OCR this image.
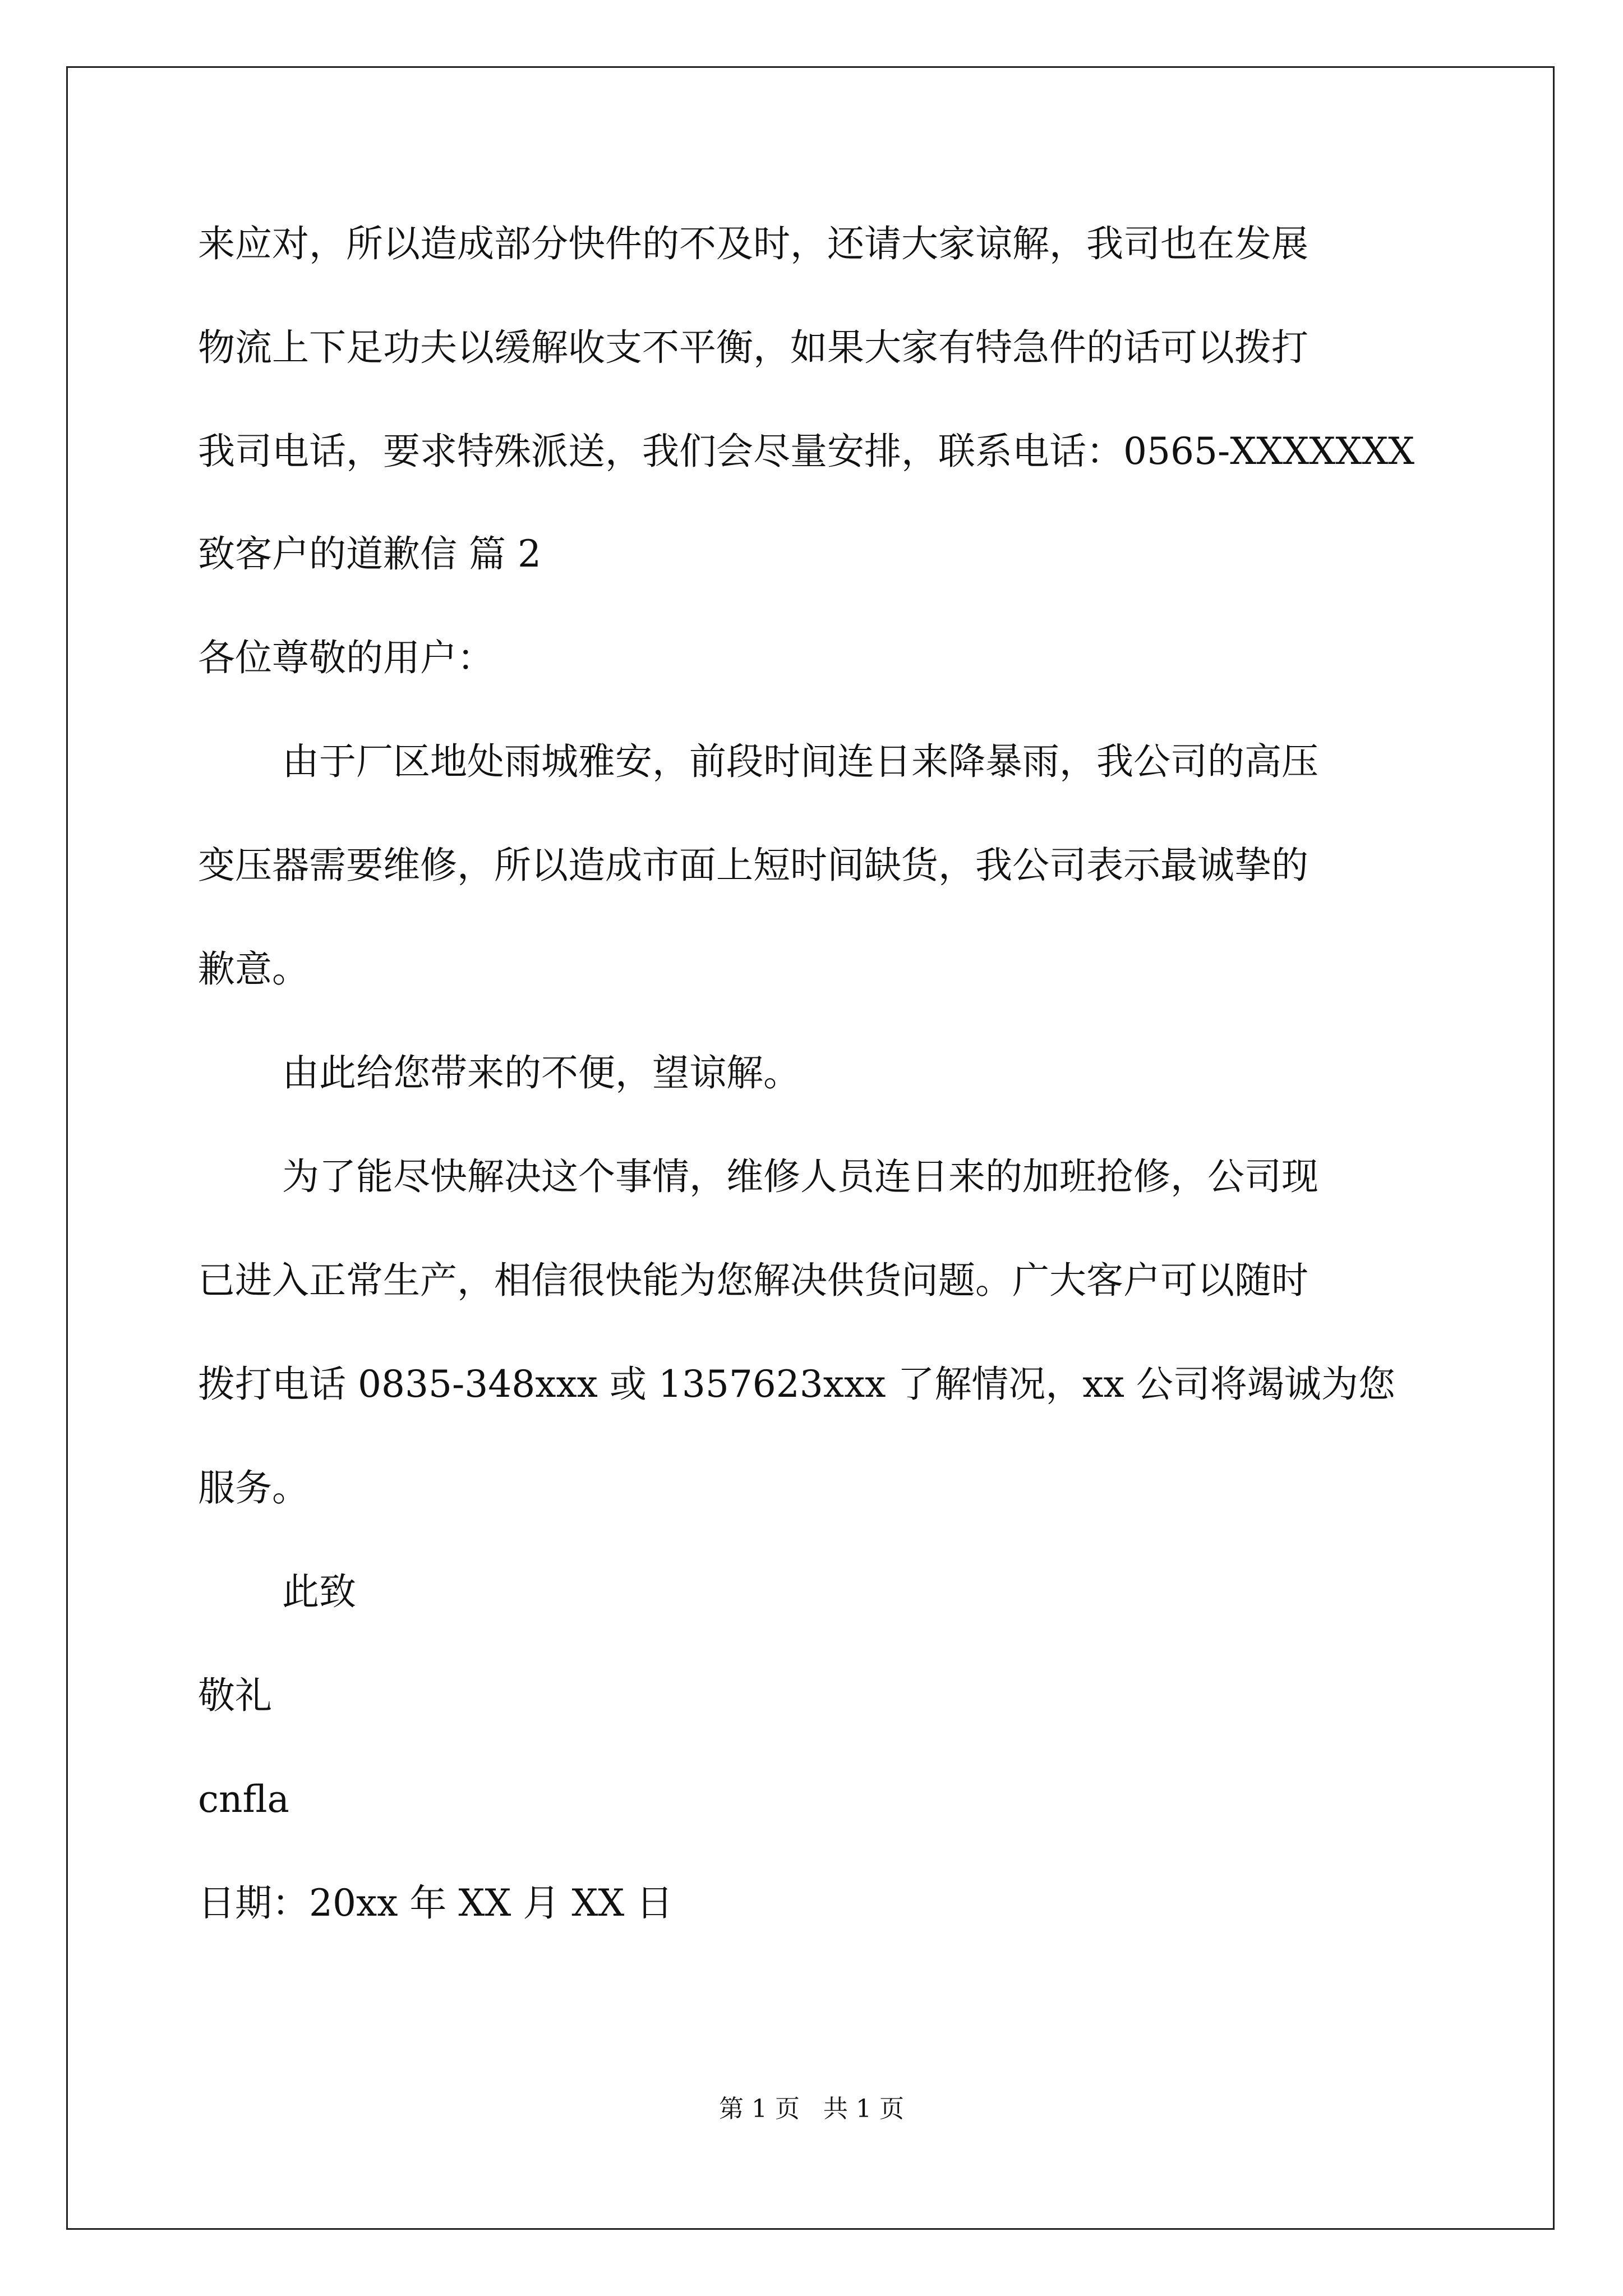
来应对，所以造成部分快件的不及时，还请大家谅解，我司也在发展
物流上下足功夫以缓解收支不平衡，如果大家有特急件的话可以拨打
我司电话，要求特殊派送，我们会尽量安排，联系电话：0565-XXXXXXX
致客户的道歉信 篇 2
各位尊敬的用户：
由于厂区地处雨城雅安，前段时间连日来降暴雨，我公司的高压
变压器需要维修，所以造成市面上短时间缺货，我公司表示最诚挚的
歉意。
由此给您带来的不便，望谅解。
为了能尽快解决这个事情，维修人员连日来的加班抢修，公司现
已进入正常生产，相信很快能为您解决供货问题。广大客户可以随时
拨打电话 0835-348xxx 或 1357623xxx 了解情况，xx 公司将竭诚为您
服务。
此致
敬礼
cnfla
日期：20xx 年 XX 月 XX 日
第 1 页   共 1 页
